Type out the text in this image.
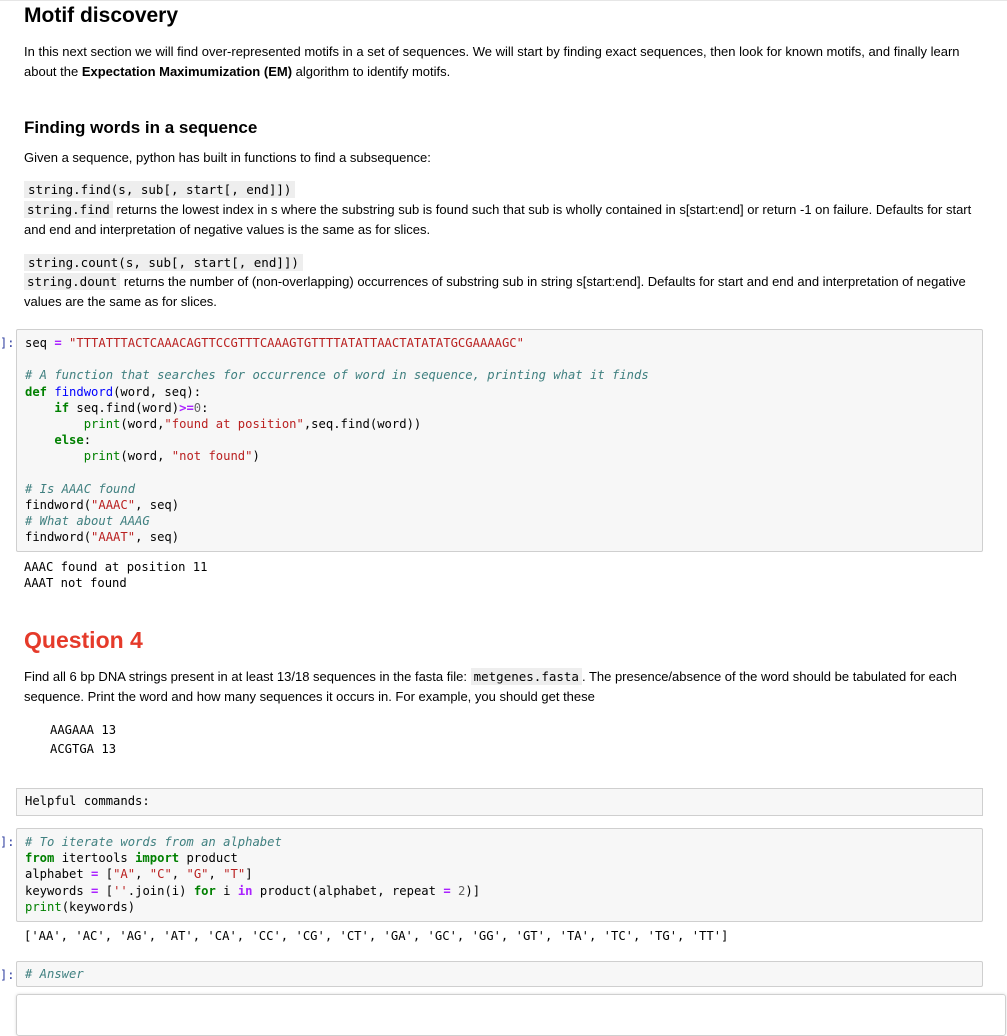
Motif discovery

In this next section we will find over-represented motifs in a set of sequences. We will start by finding exact sequences, then look for known motifs, and finally learn about the Expectation Maximumization (EM) algorithm to identify motifs.

Finding words in a sequence

Given a sequence, python has built in functions to find a subsequence:

string.find(s, sub[, start[, end]])

string.find returns the lowest index in s where the substring sub is found such that sub is wholly contained in s[start:end] or return -1 on failure. Defaults for start and end and interpretation of negative values is the same as for slices.

string.count(s, sub[, start[, end]])

string.dount returns the number of (non-overlapping) occurrences of substring sub in string s[start:end]. Defaults for start and end and interpretation of negative values are the same as for slices.

]: seq = "TTTATTTACTCAAACAGTTCCGTTTCAAAGTGTTTTATATTAACTATATATGCGAAAAGC"

# A function that searches for occurrence of word in sequence, printing what it finds
def findword(word, seq):
if seq.find(word)>=0:
print(word,"found at position",seq.find(word))
else:
print(word, "not found")

# Is AAAC found
findword("AAAC", seq)
# What about AAAG
findword("AAAT", seq)
AAAC found at position 11
AAAT not found
Question 4

Find all 6 bp DNA strings present in at least 13/18 sequences in the fasta file: metgenes.fasta . The presence/absence of the word should be tabulated for each sequence. Print the word and how many sequences it occurs in. For example, you should get these

AAGAAA 13
ACGTGA 13
Helpful commands:
]: # To iterate words from an alphabet
from itertools import product
alphabet = ["A", "C", "G", "T"]
keywords = [''.join(i) for i in product(alphabet, repeat = 2)]
print(keywords)
['AA', 'AC', 'AG', 'AT', 'CA', 'CC', 'CG', 'CT', 'GA', 'GC', 'GG', 'GT', 'TA', 'TC', 'TG', 'TT']
]: # Answer
